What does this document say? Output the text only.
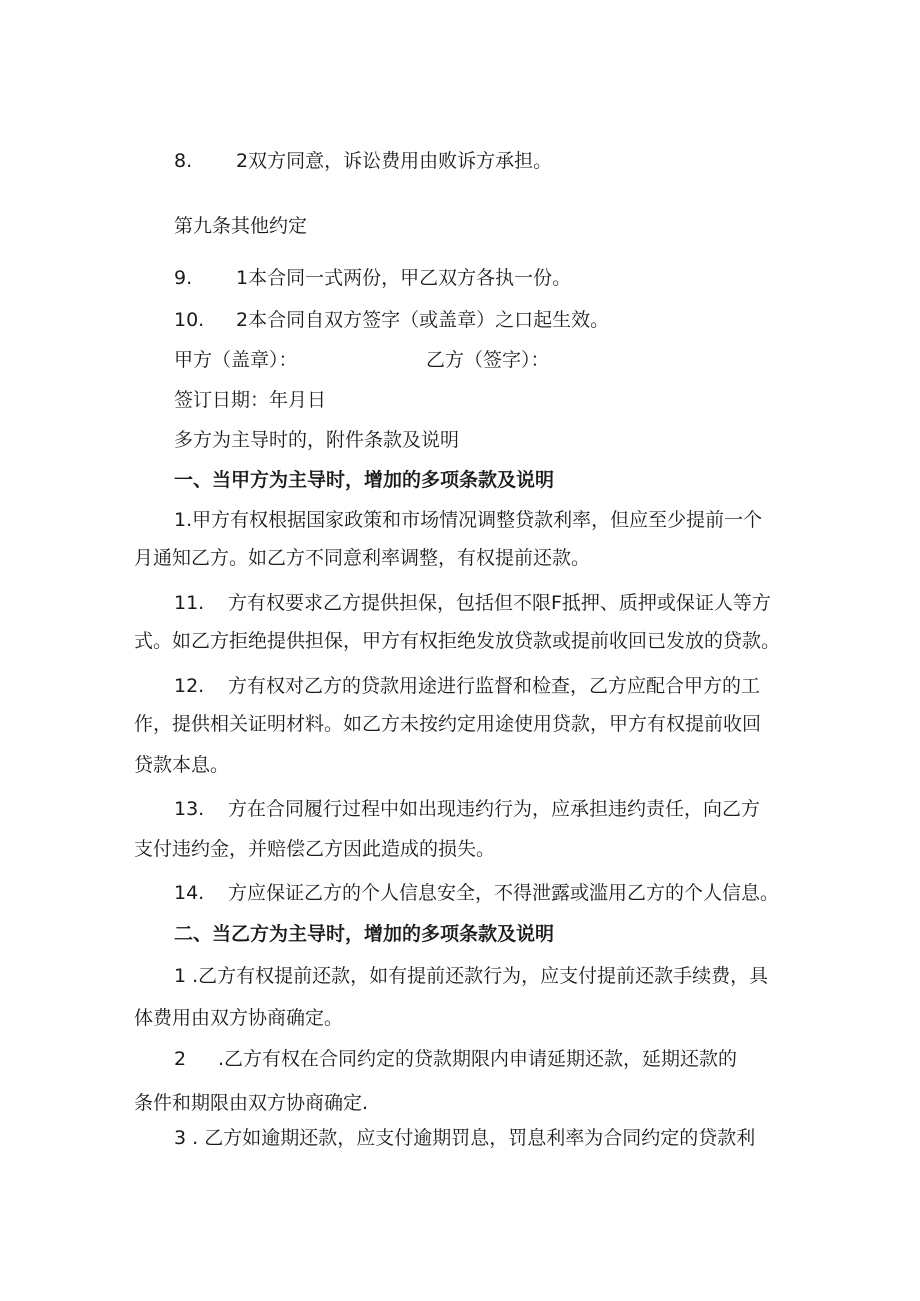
8. 2双方同意，诉讼费用由败诉方承担。
第九条其他约定
9. 1本合同一式两份，甲乙双方各执一份。
10. 2本合同自双方签字（或盖章）之口起生效。
甲方（盖章）：	乙方（签字）：
签订日期：年月日
多方为主导时的，附件条款及说明
一、当甲方为主导时，增加的多项条款及说明
1.甲方有权根据国家政策和市场情况调整贷款利率，但应至少提前一个
月通知乙方。如乙方不同意利率调整，有权提前还款。
11. 方有权要求乙方提供担保，包括但不限F抵押、质押或保证人等方
式。如乙方拒绝提供担保，甲方有权拒绝发放贷款或提前收回已发放的贷款。
12. 方有权对乙方的贷款用途进行监督和检查，乙方应配合甲方的工
作，提供相关证明材料。如乙方未按约定用途使用贷款，甲方有权提前收回
贷款本息。
13. 方在合同履行过程中如出现违约行为，应承担违约责任，向乙方
支付违约金，并赔偿乙方因此造成的损失。
14. 方应保证乙方的个人信息安全，不得泄露或滥用乙方的个人信息。
二、当乙方为主导时，增加的多项条款及说明
1 .乙方有权提前还款，如有提前还款行为，应支付提前还款手续费，具
体费用由双方协商确定。
2 .乙方有权在合同约定的贷款期限内申请延期还款，延期还款的
条件和期限由双方协商确定.
3 . 乙方如逾期还款，应支付逾期罚息，罚息利率为合同约定的贷款利
